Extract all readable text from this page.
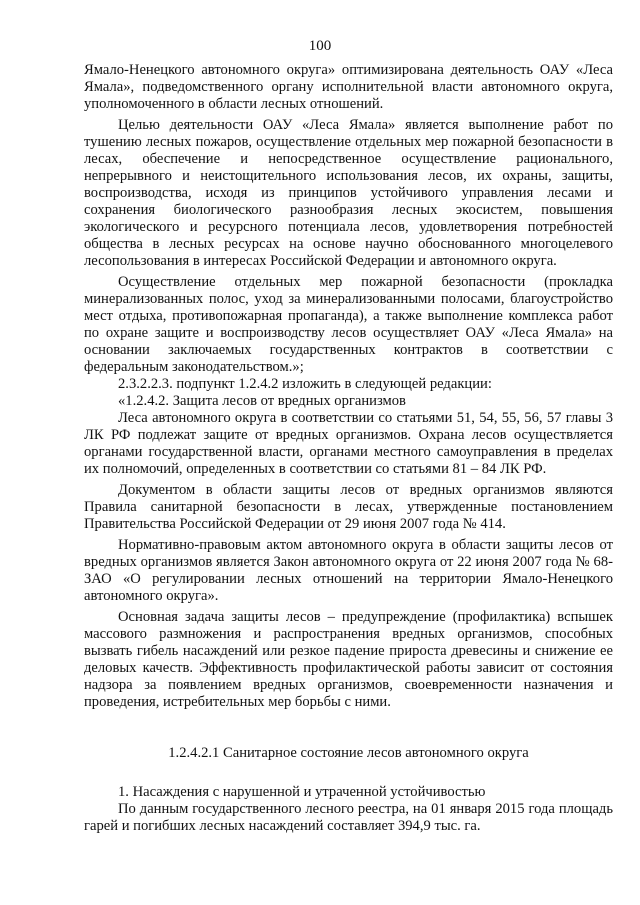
100

Ямало-Ненецкого автономного округа» оптимизирована деятельность ОАУ «Леса Ямала», подведомственного органу исполнительной власти автономного округа, уполномоченного в области лесных отношений.

Целью деятельности ОАУ «Леса Ямала» является выполнение работ по тушению лесных пожаров, осуществление отдельных мер пожарной безопасности в лесах, обеспечение и непосредственное осуществление рационального, непрерывного и неистощительного использования лесов, их охраны, защиты, воспроизводства, исходя из принципов устойчивого управления лесами и сохранения биологического разнообразия лесных экосистем, повышения экологического и ресурсного потенциала лесов, удовлетворения потребностей общества в лесных ресурсах на основе научно обоснованного многоцелевого лесопользования в интересах Российской Федерации и автономного округа.

Осуществление отдельных мер пожарной безопасности (прокладка минерализованных полос, уход за минерализованными полосами, благоустройство мест отдыха, противопожарная пропаганда), а также выполнение комплекса работ по охране защите и воспроизводству лесов осуществляет ОАУ «Леса Ямала» на основании заключаемых государственных контрактов в соответствии с федеральным законодательством.»;

2.3.2.2.3. подпункт 1.2.4.2 изложить в следующей редакции:

«1.2.4.2. Защита лесов от вредных организмов

Леса автономного округа в соответствии со статьями 51, 54, 55, 56, 57 главы 3 ЛК РФ подлежат защите от вредных организмов. Охрана лесов осуществляется органами государственной власти, органами местного самоуправления в пределах их полномочий, определенных в соответствии со статьями 81 – 84 ЛК РФ.

Документом в области защиты лесов от вредных организмов являются Правила санитарной безопасности в лесах, утвержденные постановлением Правительства Российской Федерации от 29 июня 2007 года № 414.

Нормативно-правовым актом автономного округа в области защиты лесов от вредных организмов является Закон автономного округа от 22 июня 2007 года № 68-ЗАО «О регулировании лесных отношений на территории Ямало-Ненецкого автономного округа».

Основная задача защиты лесов – предупреждение (профилактика) вспышек массового размножения и распространения вредных организмов, способных вызвать гибель насаждений или резкое падение прироста древесины и снижение ее деловых качеств. Эффективность профилактической работы зависит от состояния надзора за появлением вредных организмов, своевременности назначения и проведения, истребительных мер борьбы с ними.

1.2.4.2.1 Санитарное состояние лесов автономного округа

1. Насаждения с нарушенной и утраченной устойчивостью

По данным государственного лесного реестра, на 01 января 2015 года площадь гарей и погибших лесных насаждений составляет 394,9 тыс. га.
